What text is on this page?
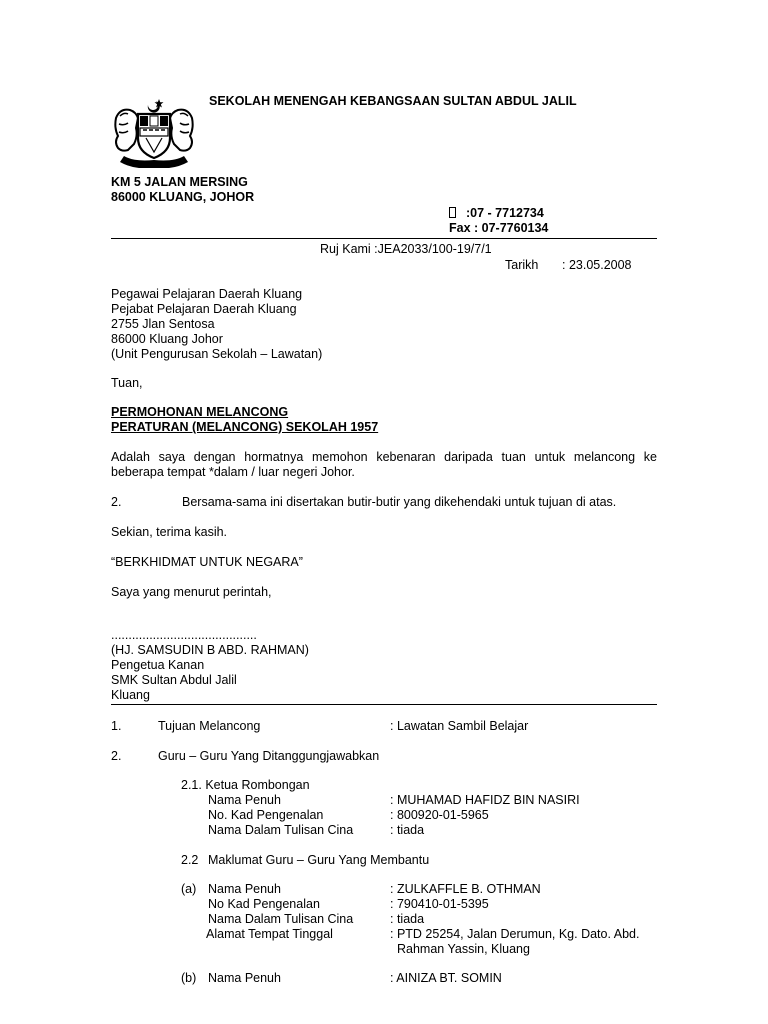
SEKOLAH MENENGAH KEBANGSAAN SULTAN ABDUL JALIL
KM 5 JALAN MERSING
86000 KLUANG, JOHOR
:07 - 7712734
Fax : 07-7760134
Ruj Kami :JEA2033/100-19/7/1
Tarikh : 23.05.2008
Pegawai Pelajaran Daerah Kluang
Pejabat Pelajaran Daerah Kluang
2755 Jlan Sentosa
86000 Kluang Johor
(Unit Pengurusan Sekolah – Lawatan)
Tuan,
PERMOHONAN MELANCONG
PERATURAN (MELANCONG) SEKOLAH 1957
Adalah saya dengan hormatnya memohon kebenaran daripada tuan untuk melancong ke
beberapa tempat *dalam / luar negeri Johor.
2.	Bersama-sama ini disertakan butir-butir yang dikehendaki untuk tujuan di atas.
Sekian, terima kasih.
“BERKHIDMAT UNTUK NEGARA”
Saya yang menurut perintah,
..........................................
(HJ. SAMSUDIN B ABD. RAHMAN)
Pengetua Kanan
SMK Sultan Abdul Jalil
Kluang
1.	Tujuan Melancong	: Lawatan Sambil Belajar
2.	Guru – Guru Yang Ditanggungjawabkan
2.1. Ketua Rombongan
Nama Penuh	: MUHAMAD HAFIDZ BIN NASIRI
No. Kad Pengenalan	: 800920-01-5965
Nama Dalam Tulisan Cina	: tiada
2.2 Maklumat Guru – Guru Yang Membantu
(a) Nama Penuh	: ZULKAFFLE B. OTHMAN
No Kad Pengenalan	: 790410-01-5395
Nama Dalam Tulisan Cina	: tiada
Alamat Tempat Tinggal	: PTD 25254, Jalan Derumun, Kg. Dato. Abd.
Rahman Yassin, Kluang
(b) Nama Penuh	: AINIZA BT. SOMIN
